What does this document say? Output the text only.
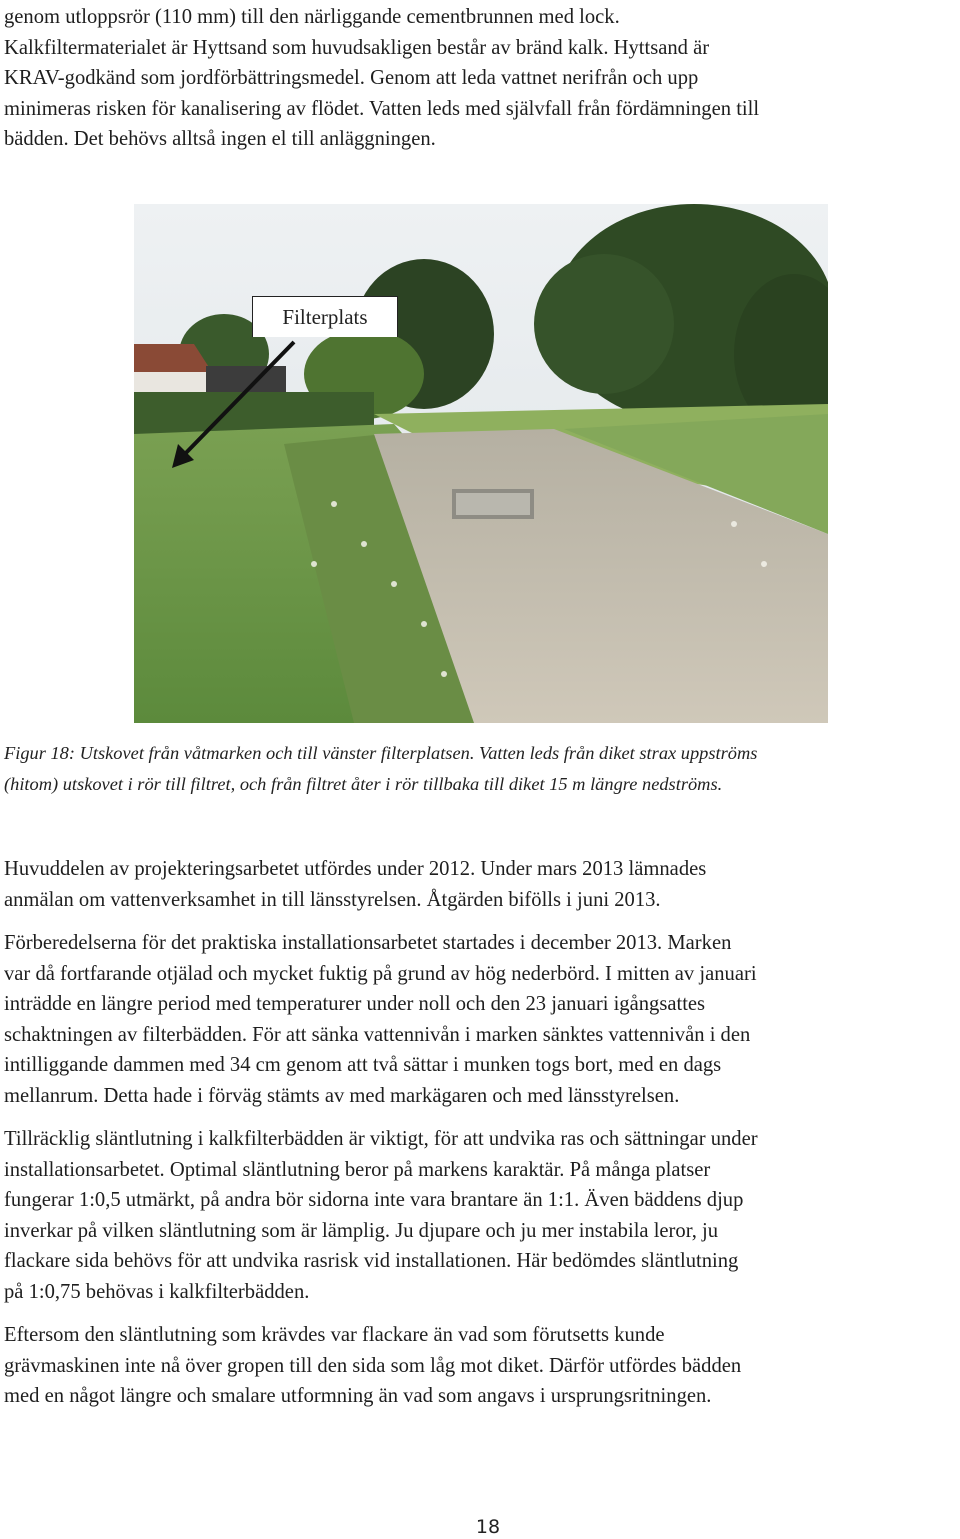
genom utloppsrör (110 mm) till den närliggande cementbrunnen med lock.
Kalkfiltermaterialet är Hyttsand som huvudsakligen består av bränd kalk. Hyttsand är
KRAV-godkänd som jordförbättringsmedel. Genom att leda vattnet nerifrån och upp
minimeras risken för kanalisering av flödet. Vatten leds med självfall från fördämningen till
bädden. Det behövs alltså ingen el till anläggningen.

Filterplats
Figur 18: Utskovet från våtmarken och till vänster filterplatsen. Vatten leds från diket strax uppströms
(hitom) utskovet i rör till filtret, och från filtret åter i rör tillbaka till diket 15 m längre nedströms.

Huvuddelen av projekteringsarbetet utfördes under 2012. Under mars 2013 lämnades
anmälan om vattenverksamhet in till länsstyrelsen. Åtgärden bifölls i juni 2013.

Förberedelserna för det praktiska installationsarbetet startades i december 2013. Marken
var då fortfarande otjälad och mycket fuktig på grund av hög nederbörd. I mitten av januari
inträdde en längre period med temperaturer under noll och den 23 januari igångsattes
schaktningen av filterbädden. För att sänka vattennivån i marken sänktes vattennivån i den
intilliggande dammen med 34 cm genom att två sättar i munken togs bort, med en dags
mellanrum. Detta hade i förväg stämts av med markägaren och med länsstyrelsen.

Tillräcklig släntlutning i kalkfilterbädden är viktigt, för att undvika ras och sättningar under
installationsarbetet. Optimal släntlutning beror på markens karaktär. På många platser
fungerar 1:0,5 utmärkt, på andra bör sidorna inte vara brantare än 1:1. Även bäddens djup
inverkar på vilken släntlutning som är lämplig. Ju djupare och ju mer instabila leror, ju
flackare sida behövs för att undvika rasrisk vid installationen. Här bedömdes släntlutning
på 1:0,75 behövas i kalkfilterbädden.

Eftersom den släntlutning som krävdes var flackare än vad som förutsetts kunde
grävmaskinen inte nå över gropen till den sida som låg mot diket. Därför utfördes bädden
med en något längre och smalare utformning än vad som angavs i ursprungsritningen.

18
